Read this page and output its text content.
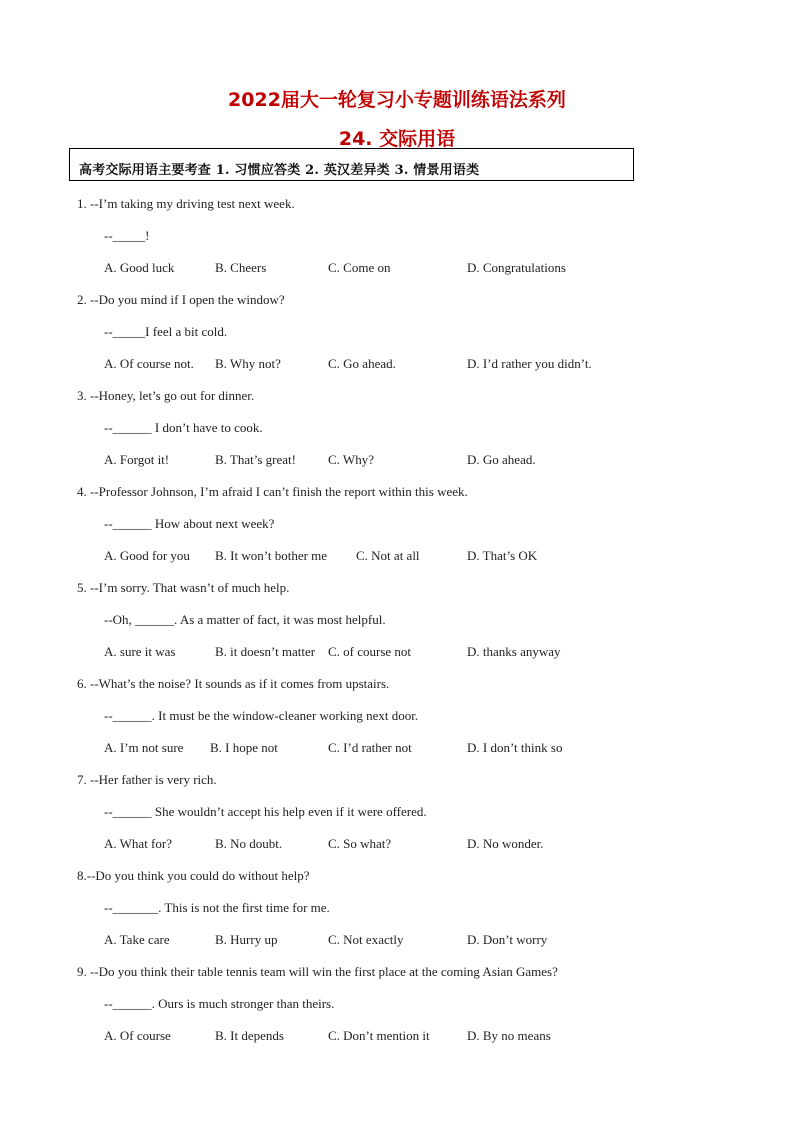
2022届大一轮复习小专题训练语法系列
24. 交际用语
高考交际用语主要考查 1. 习惯应答类 2. 英汉差异类 3. 情景用语类
1. --I’m taking my driving test next week.
--_____!
A. Good luck	B. Cheers	C. Come on	D. Congratulations
2. --Do you mind if I open the window?
--_____I feel a bit cold.
A. Of course not. B. Why not?	C. Go ahead.	D. I’d rather you didn’t.
3. --Honey, let’s go out for dinner.
--______ I don’t have to cook.
A. Forgot it!	B. That’s great! C. Why?	D. Go ahead.
4. --Professor Johnson, I’m afraid I can’t finish the report within this week.
--______ How about next week?
A. Good for you B. It won’t bother me C. Not at all	D. That’s OK
5. --I’m sorry. That wasn’t of much help.
--Oh, ______. As a matter of fact, it was most helpful.
A. sure it was	B. it doesn’t matter C. of course not	D. thanks anyway
6. --What’s the noise? It sounds as if it comes from upstairs.
--______. It must be the window-cleaner working next door.
A. I’m not sure B. I hope not	C. I’d rather not	D. I don’t think so
7. --Her father is very rich.
--______ She wouldn’t accept his help even if it were offered.
A. What for?	B. No doubt.	C. So what?	D. No wonder.
8.--Do you think you could do without help?
--_______. This is not the first time for me.
A. Take care	B. Hurry up	C. Not exactly	D. Don’t worry
9. --Do you think their table tennis team will win the first place at the coming Asian Games?
--______. Ours is much stronger than theirs.
A. Of course	B. It depends	C. Don’t mention it	D. By no means
